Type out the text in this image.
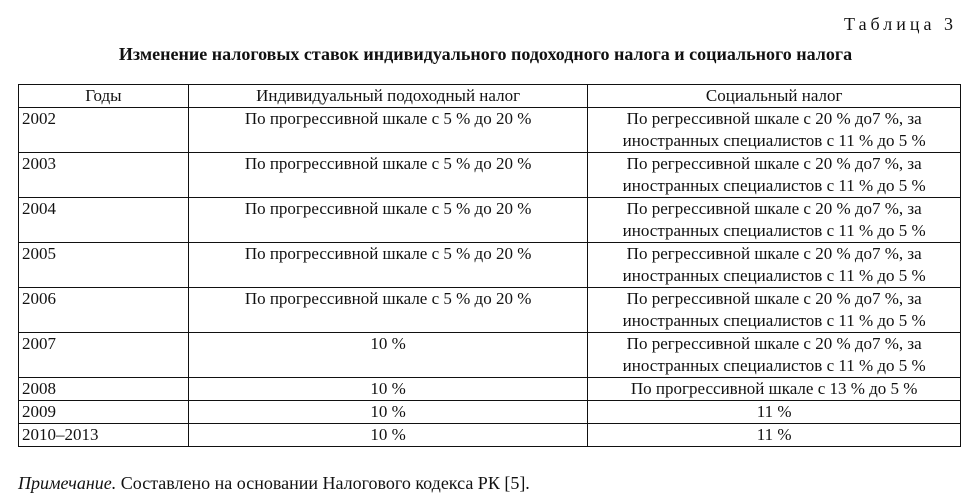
Таблица 3
Изменение налоговых ставок индивидуального подоходного налога и социального налога
Годы	Индивидуальный подоходный налог	Социальный налог
2002	По прогрессивной шкале с 5 % до 20 %	По регрессивной шкале с 20 % до7 %, за иностранных специалистов с 11 % до 5 %
2003	По прогрессивной шкале с 5 % до 20 %	По регрессивной шкале с 20 % до7 %, за иностранных специалистов с 11 % до 5 %
2004	По прогрессивной шкале с 5 % до 20 %	По регрессивной шкале с 20 % до7 %, за иностранных специалистов с 11 % до 5 %
2005	По прогрессивной шкале с 5 % до 20 %	По регрессивной шкале с 20 % до7 %, за иностранных специалистов с 11 % до 5 %
2006	По прогрессивной шкале с 5 % до 20 %	По регрессивной шкале с 20 % до7 %, за иностранных специалистов с 11 % до 5 %
2007	10 %	По регрессивной шкале с 20 % до7 %, за иностранных специалистов с 11 % до 5 %
2008	10 %	По прогрессивной шкале с 13 % до 5 %
2009	10 %	11 %
2010–2013	10 %	11 %
Примечание. Составлено на основании Налогового кодекса РК [5].
